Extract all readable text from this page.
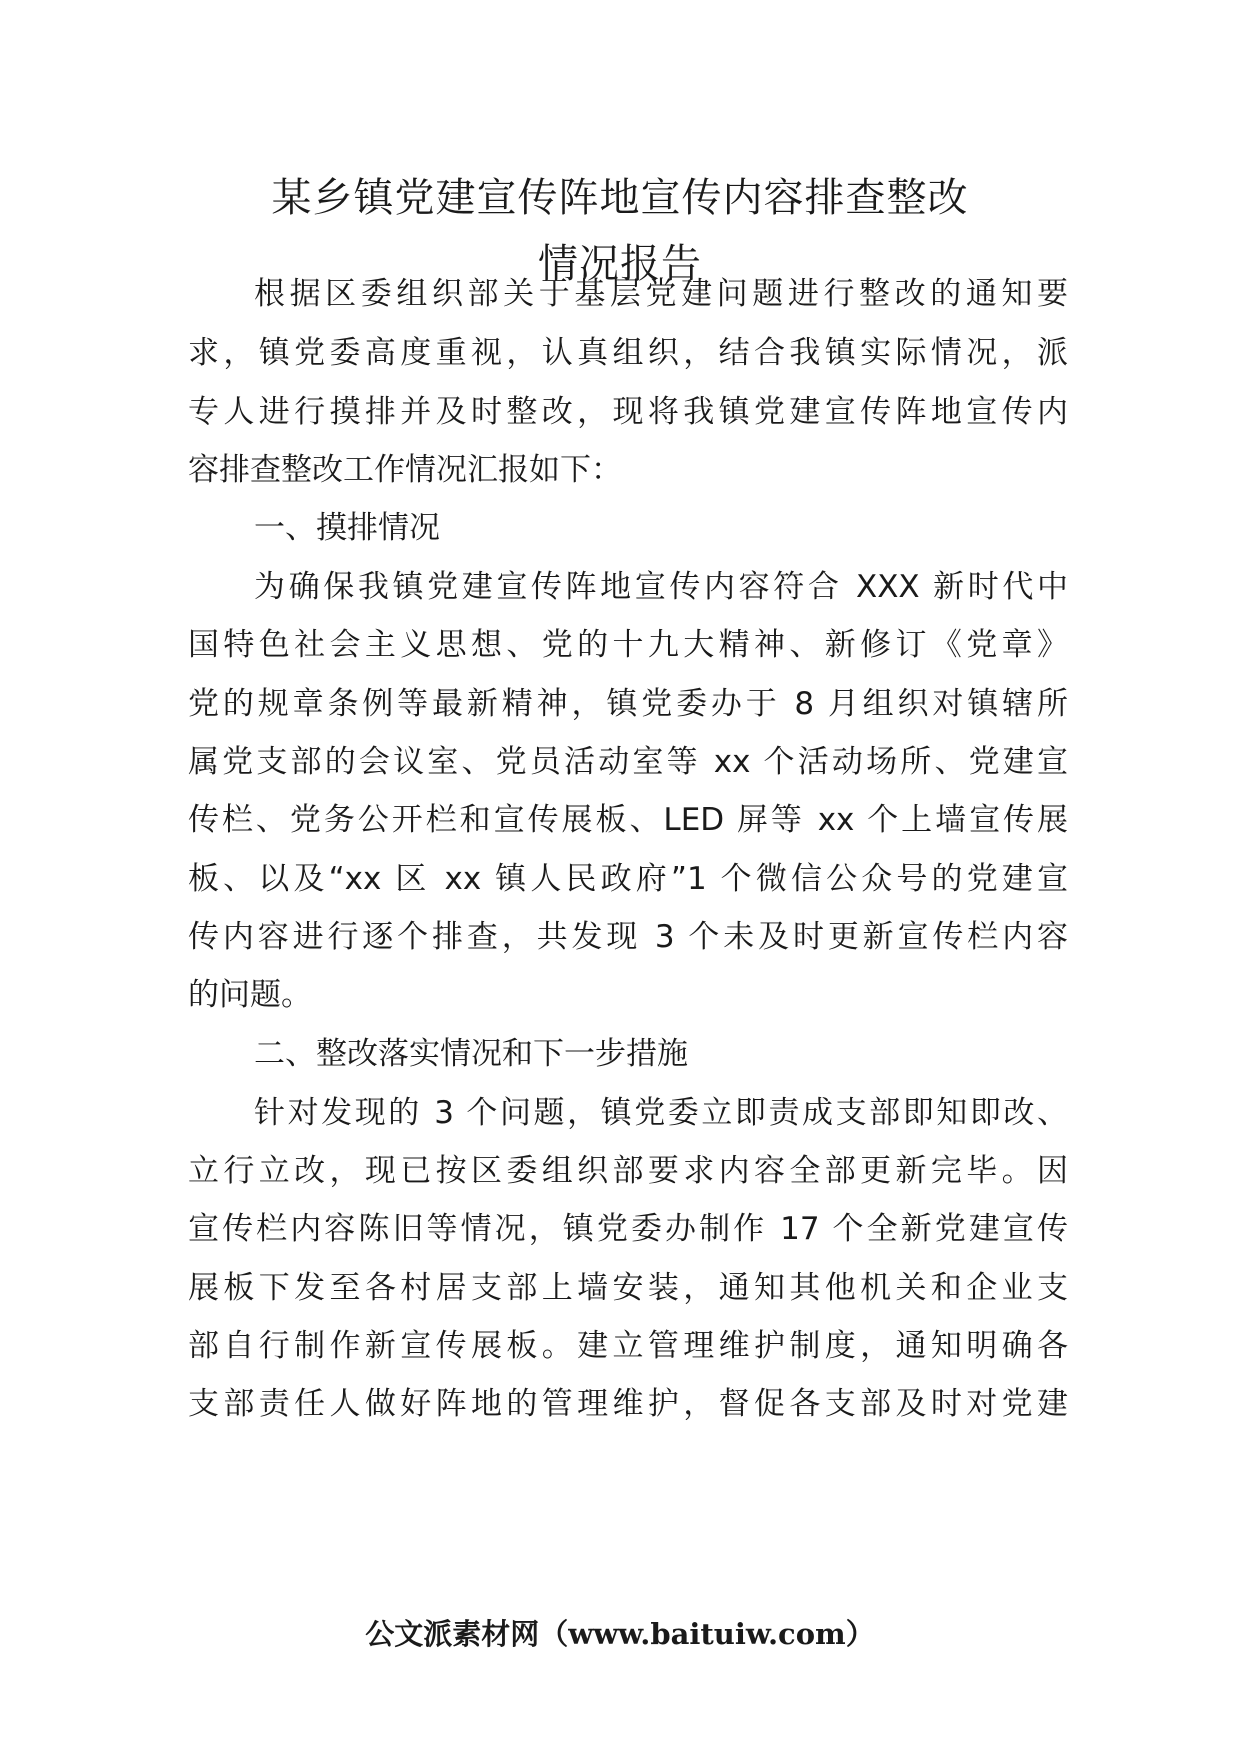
某乡镇党建宣传阵地宣传内容排查整改
情况报告
根据区委组织部关于基层党建问题进行整改的通知要
求，镇党委高度重视，认真组织，结合我镇实际情况，派
专人进行摸排并及时整改，现将我镇党建宣传阵地宣传内
容排查整改工作情况汇报如下：
一、摸排情况
为确保我镇党建宣传阵地宣传内容符合 XXX 新时代中
国特色社会主义思想、党的十九大精神、新修订《党章》
党的规章条例等最新精神，镇党委办于 8 月组织对镇辖所
属党支部的会议室、党员活动室等 xx 个活动场所、党建宣
传栏、党务公开栏和宣传展板、LED 屏等 xx 个上墙宣传展
板、以及“xx 区 xx 镇人民政府”1 个微信公众号的党建宣
传内容进行逐个排查，共发现 3 个未及时更新宣传栏内容
的问题。
二、整改落实情况和下一步措施
针对发现的 3 个问题，镇党委立即责成支部即知即改、
立行立改，现已按区委组织部要求内容全部更新完毕。因
宣传栏内容陈旧等情况，镇党委办制作 17 个全新党建宣传
展板下发至各村居支部上墙安装，通知其他机关和企业支
部自行制作新宣传展板。建立管理维护制度，通知明确各
支部责任人做好阵地的管理维护，督促各支部及时对党建
公文派素材网（www.baituiw.com）
